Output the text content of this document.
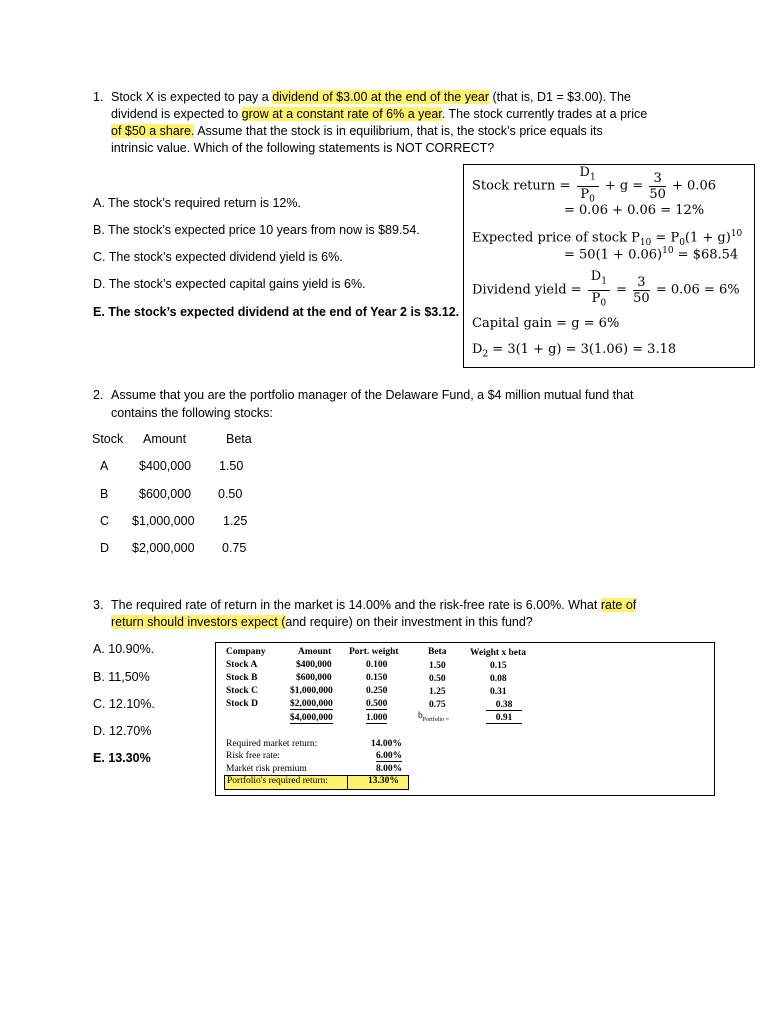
1. Stock X is expected to pay a dividend of $3.00 at the end of the year (that is, D1 = $3.00). The
dividend is expected to grow at a constant rate of 6% a year. The stock currently trades at a price
of $50 a share. Assume that the stock is in equilibrium, that is, the stock’s price equals its
intrinsic value. Which of the following statements is NOT CORRECT?
A. The stock’s required return is 12%.
B. The stock’s expected price 10 years from now is $89.54.
C. The stock’s expected dividend yield is 6%.
D. The stock’s expected capital gains yield is 6%.
E. The stock’s expected dividend at the end of Year 2 is $3.12.
Stock return = $\frac{D_1}{P_0} + g = \frac{3}{50} + 0.06$
= 0.06 + 0.06 = 12%
Expected price of stock $P_{10} = P_0(1 + g)^{10}$
= $50(1 + 0.06)^{10}$ = $68.54
Dividend yield = $\frac{D_1}{P_0} = \frac{3}{50} = 0.06 = 6\%$
Capital gain = g = 6%
$D_2 = 3(1 + g) = 3(1.06) = 3.18$
2. Assume that you are the portfolio manager of the Delaware Fund, a $4 million mutual fund that
contains the following stocks:
Stock Amount	Beta
A $400,000 1.50
B $600,000 0.50
C $1,000,000 1.25
D $2,000,000 0.75
3. The required rate of return in the market is 14.00% and the risk-free rate is 6.00%. What rate of
return should investors expect (and require) on their investment in this fund?
A. 10.90%.
B. 11,50%
C. 12.10%.
D. 12.70%
E. 13.30%
Company	Amount Port. weight	Beta Weight x beta
Stock A	$400,000	0.100	1.50	0.15
Stock B	$600,000	0.150	0.50	0.08
Stock C	$1,000,000	0.250	1.25	0.31
Stock D	$2,000,000	0.500	0.75	0.38
$4,000,000	1.000	$b_{Portfolio =}$	0.91
Required market return:	14.00%
Risk free rate:	6.00%
Market risk premium	8.00%
Portfolio's required return:	13.30%
